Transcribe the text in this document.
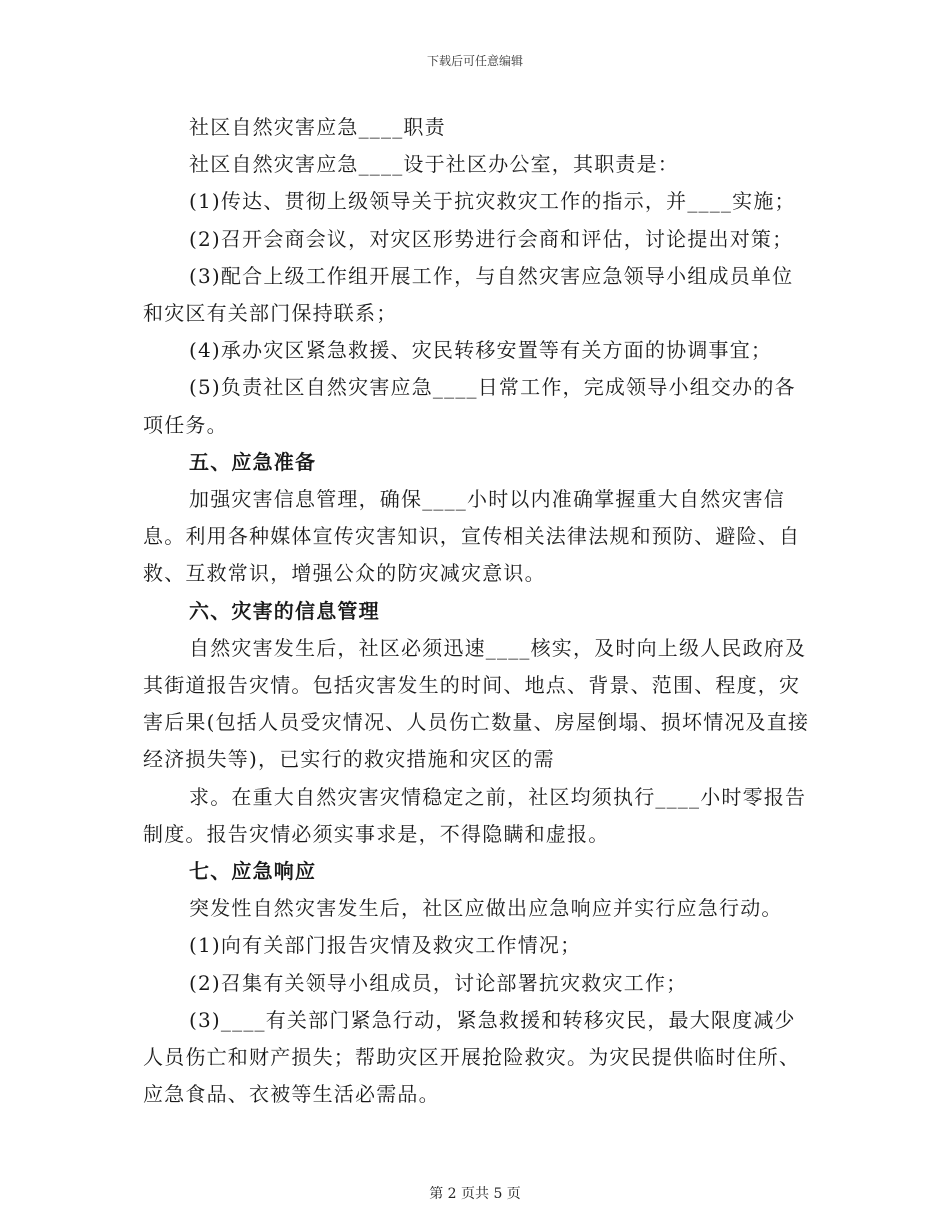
下载后可任意编辑

社区自然灾害应急____职责

社区自然灾害应急____设于社区办公室，其职责是：

(1)传达、贯彻上级领导关于抗灾救灾工作的指示，并____实施；

(2)召开会商会议，对灾区形势进行会商和评估，讨论提出对策；

(3)配合上级工作组开展工作，与自然灾害应急领导小组成员单位和灾区有关部门保持联系；

(4)承办灾区紧急救援、灾民转移安置等有关方面的协调事宜；

(5)负责社区自然灾害应急____日常工作，完成领导小组交办的各项任务。

五、应急准备

加强灾害信息管理，确保____小时以内准确掌握重大自然灾害信息。利用各种媒体宣传灾害知识，宣传相关法律法规和预防、避险、自救、互救常识，增强公众的防灾减灾意识。

六、灾害的信息管理

自然灾害发生后，社区必须迅速____核实，及时向上级人民政府及其街道报告灾情。包括灾害发生的时间、地点、背景、范围、程度，灾害后果(包括人员受灾情况、人员伤亡数量、房屋倒塌、损坏情况及直接经济损失等)，已实行的救灾措施和灾区的需

求。在重大自然灾害灾情稳定之前，社区均须执行____小时零报告制度。报告灾情必须实事求是，不得隐瞒和虚报。

七、应急响应

突发性自然灾害发生后，社区应做出应急响应并实行应急行动。

(1)向有关部门报告灾情及救灾工作情况；

(2)召集有关领导小组成员，讨论部署抗灾救灾工作；

(3)____有关部门紧急行动，紧急救援和转移灾民，最大限度减少人员伤亡和财产损失；帮助灾区开展抢险救灾。为灾民提供临时住所、应急食品、衣被等生活必需品。

第 2 页共 5 页
